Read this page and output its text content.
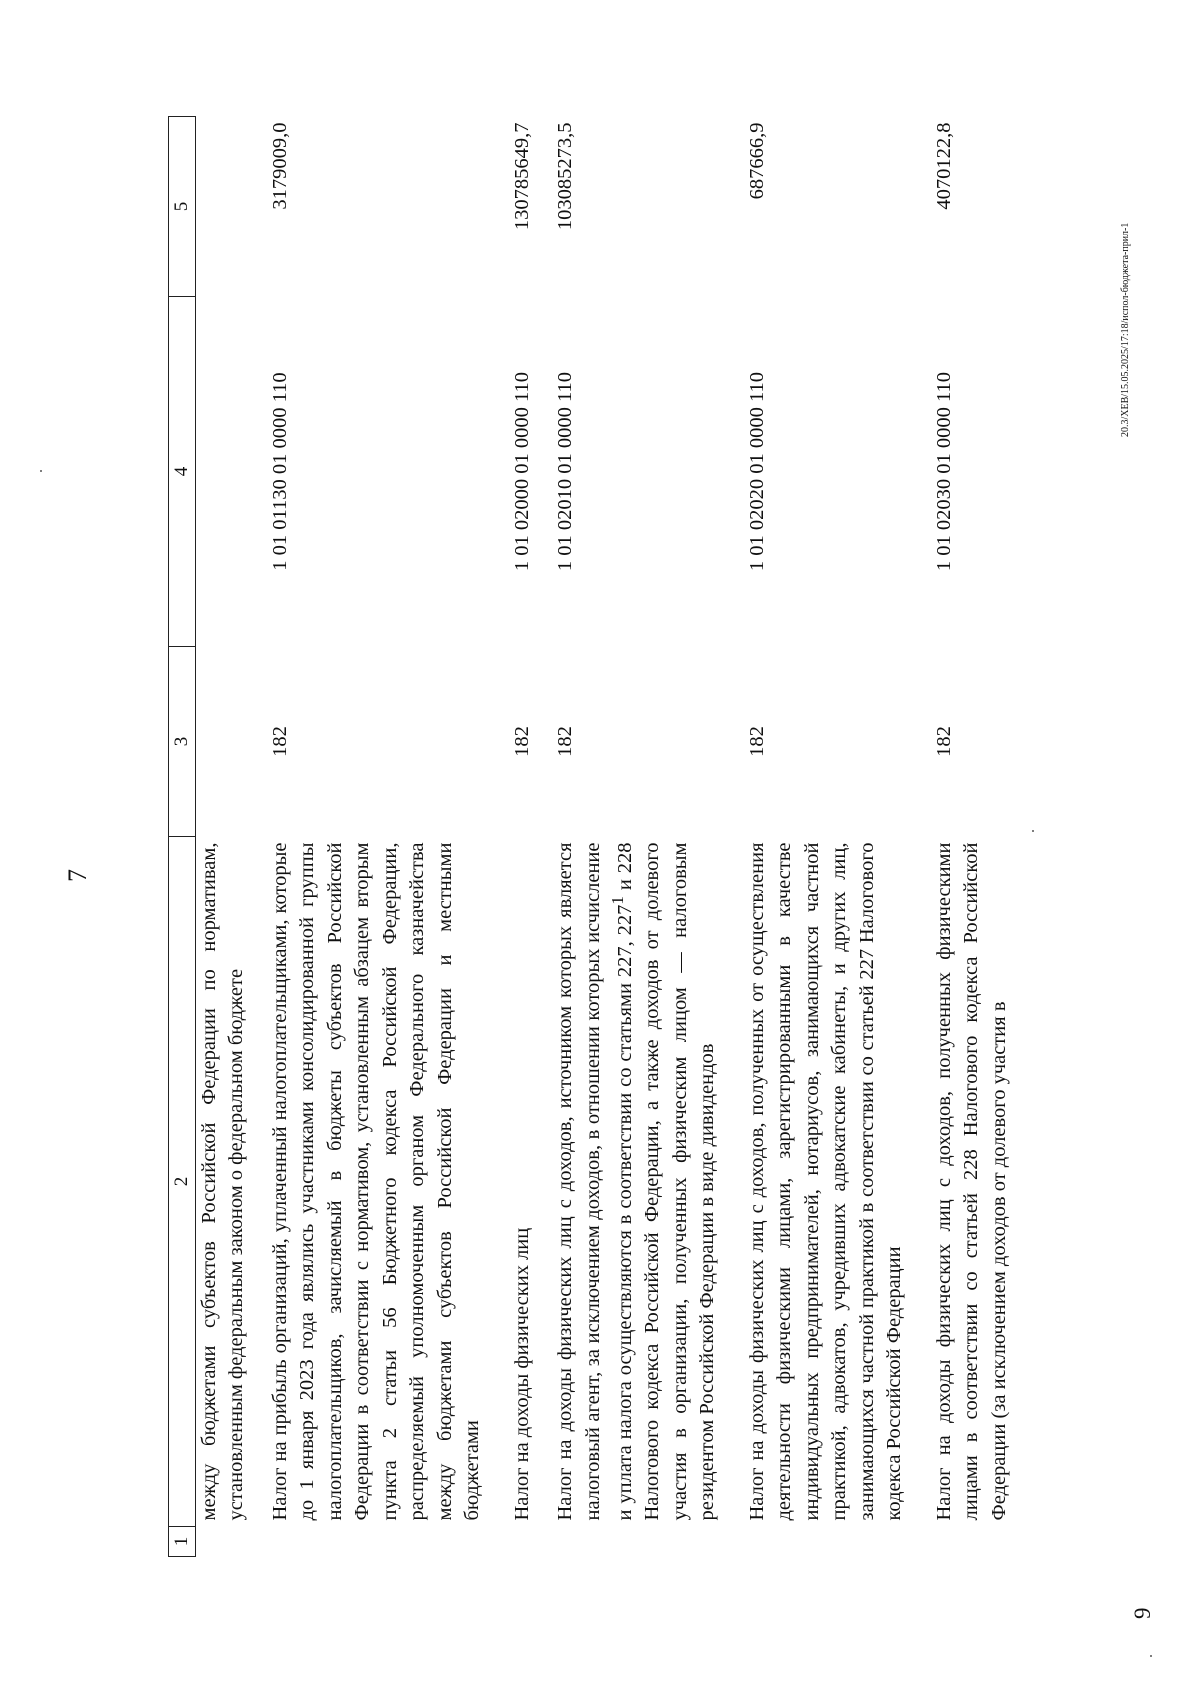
7
1	2	3	4	5
	между бюджетами субъектов Российской Федерации по нормативам, установленным федеральным законом о федеральном бюджете			

	Налог на прибыль организаций, уплаченный налогоплательщиками, которые до 1 января 2023 года являлись участниками консолидированной группы налогоплательщиков, зачисляемый в бюджеты субъектов Российской Федерации в соответствии с нормативом, установленным абзацем вторым пункта 2 статьи 56 Бюджетного кодекса Российской Федерации, распределяемый уполномоченным органом Федерального казначейства между бюджетами субъектов Российской Федерации и местными бюджетами	182	1 01 01130 01 0000 110	3179009,0

	Налог на доходы физических лиц	182	1 01 02000 01 0000 110	130785649,7

	Налог на доходы физических лиц с доходов, источником которых является налоговый агент, за исключением доходов, в отношении которых исчисление и уплата налога осуществляются в соответствии со статьями 227, $227^1$ и 228 Налогового кодекса Российской Федерации, а также доходов от долевого участия в организации, полученных физическим лицом — налоговым резидентом Российской Федерации в виде дивидендов	182	1 01 02010 01 0000 110	103085273,5

	Налог на доходы физических лиц с доходов, полученных от осуществления деятельности физическими лицами, зарегистрированными в качестве индивидуальных предпринимателей, нотариусов, занимающихся частной практикой, адвокатов, учредивших адвокатские кабинеты, и других лиц, занимающихся частной практикой в соответствии со статьей 227 Налогового кодекса Российской Федерации	182	1 01 02020 01 0000 110	687666,9

	Налог на доходы физических лиц с доходов, полученных физическими лицами в соответствии со статьей 228 Налогового кодекса Российской Федерации (за исключением доходов от долевого участия в	182	1 01 02030 01 0000 110	4070122,8
9
20.3/XEB/15.05.2025/17:18/испол-бюджета-прил-1
